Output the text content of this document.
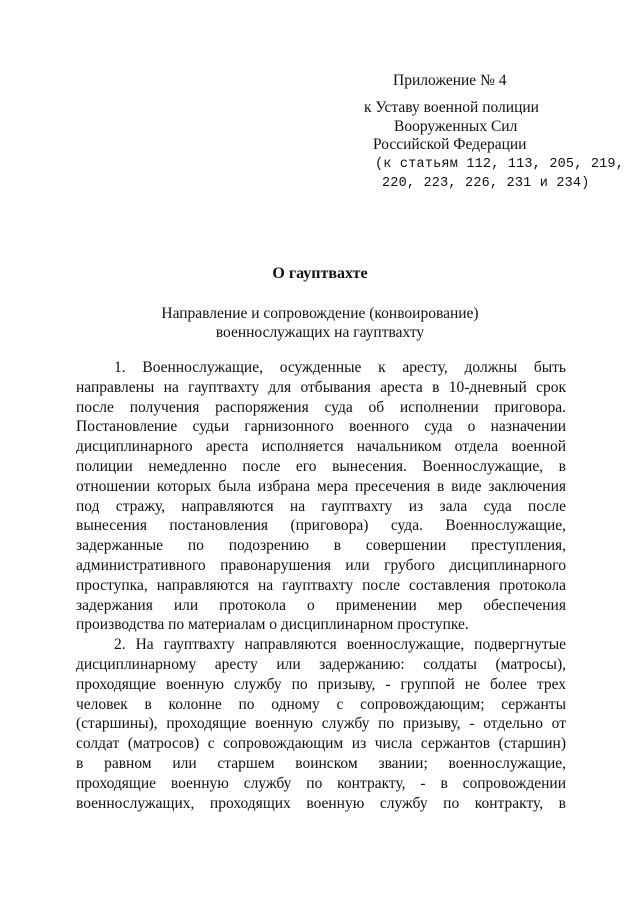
Приложение № 4
к Уставу военной полиции
Вооруженных Сил
Российской Федерации
(к статьям 112, 113, 205, 219,
220, 223, 226, 231 и 234)
О гауптвахте
Направление и сопровождение (конвоирование)
военнослужащих на гауптвахту
1. Военнослужащие, осужденные к аресту, должны быть
направлены на гауптвахту для отбывания ареста в 10-дневный срок
после получения распоряжения суда об исполнении приговора.
Постановление судьи гарнизонного военного суда о назначении
дисциплинарного ареста исполняется начальником отдела военной
полиции немедленно после его вынесения. Военнослужащие, в
отношении которых была избрана мера пресечения в виде заключения
под стражу, направляются на гауптвахту из зала суда после
вынесения постановления (приговора) суда. Военнослужащие,
задержанные по подозрению в совершении преступления,
административного правонарушения или грубого дисциплинарного
проступка, направляются на гауптвахту после составления протокола
задержания или протокола о применении мер обеспечения
производства по материалам о дисциплинарном проступке.
2. На гауптвахту направляются военнослужащие, подвергнутые
дисциплинарному аресту или задержанию: солдаты (матросы),
проходящие военную службу по призыву, - группой не более трех
человек в колонне по одному с сопровождающим; сержанты
(старшины), проходящие военную службу по призыву, - отдельно от
солдат (матросов) с сопровождающим из числа сержантов (старшин)
в равном или старшем воинском звании; военнослужащие,
проходящие военную службу по контракту, - в сопровождении
военнослужащих, проходящих военную службу по контракту, в
